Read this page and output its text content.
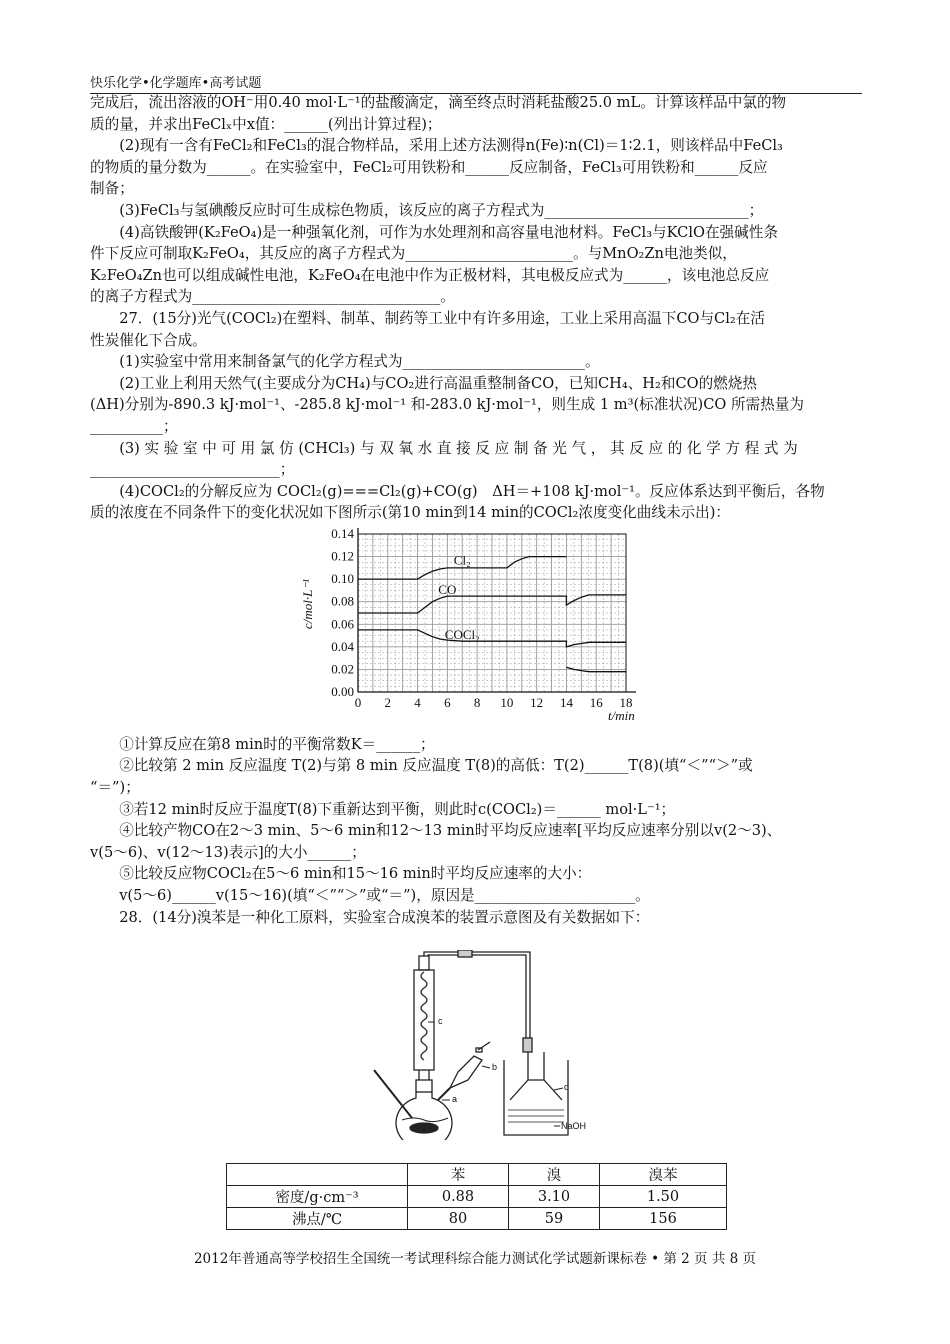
快乐化学•化学题库•高考试题

完成后，流出溶液的OH⁻用0.40 mol·L⁻¹的盐酸滴定，滴至终点时消耗盐酸25.0 mL。计算该样品中氯的物

质的量，并求出FeClₓ中x值：______(列出计算过程)；

(2)现有一含有FeCl₂和FeCl₃的混合物样品，采用上述方法测得n(Fe)∶n(Cl)＝1∶2.1，则该样品中FeCl₃

的物质的量分数为______。在实验室中，FeCl₂可用铁粉和______反应制备，FeCl₃可用铁粉和______反应

制备；

(3)FeCl₃与氢碘酸反应时可生成棕色物质，该反应的离子方程式为____________________________；

(4)高铁酸钾(K₂FeO₄)是一种强氧化剂，可作为水处理剂和高容量电池材料。FeCl₃与KClO在强碱性条

件下反应可制取K₂FeO₄，其反应的离子方程式为_______________________。与MnO₂Zn电池类似，

K₂FeO₄Zn也可以组成碱性电池，K₂FeO₄在电池中作为正极材料，其电极反应式为______，该电池总反应

的离子方程式为__________________________________。

27．(15分)光气(COCl₂)在塑料、制革、制药等工业中有许多用途，工业上采用高温下CO与Cl₂在活

性炭催化下合成。

(1)实验室中常用来制备氯气的化学方程式为_________________________。

(2)工业上利用天然气(主要成分为CH₄)与CO₂进行高温重整制备CO，已知CH₄、H₂和CO的燃烧热

(ΔH)分别为-890.3 kJ·mol⁻¹、-285.8 kJ·mol⁻¹ 和-283.0 kJ·mol⁻¹，则生成 1 m³(标准状况)CO 所需热量为

__________；

(3) 实 验 室 中 可 用 氯 仿 (CHCl₃) 与 双 氧 水 直 接 反 应 制 备 光 气 ， 其 反 应 的 化 学 方 程 式 为

__________________________；

(4)COCl₂的分解反应为 COCl₂(g)===Cl₂(g)+CO(g)　ΔH＝+108 kJ·mol⁻¹。反应体系达到平衡后，各物

质的浓度在不同条件下的变化状况如下图所示(第10 min到14 min的COCl₂浓度变化曲线未示出)：

①计算反应在第8 min时的平衡常数K＝______；

②比较第 2 min 反应温度 T(2)与第 8 min 反应温度 T(8)的高低：T(2)______T(8)(填“＜”“＞”或

“＝”)；

③若12 min时反应于温度T(8)下重新达到平衡，则此时c(COCl₂)＝______ mol·L⁻¹；

④比较产物CO在2～3 min、5～6 min和12～13 min时平均反应速率[平均反应速率分别以v(2～3)、

v(5～6)、v(12～13)表示]的大小______；

⑤比较反应物COCl₂在5～6 min和15～16 min时平均反应速率的大小：

v(5～6)______v(15～16)(填“＜”“＞”或“＝”)，原因是______________________。

28．(14分)溴苯是一种化工原料，实验室合成溴苯的装置示意图及有关数据如下：

0 2 4 6 8 10 12 14 16 18
0.00
0.02
0.04
0.06
0.08
0.10
0.12
0.14
t/min
c/mol·L⁻¹
Cl₂
CO
COCl₂
c
b
a
d
NaOH
	苯	溴	溴苯
密度/g·cm⁻³	0.88	3.10	1.50
沸点/℃	80	59	156
2012年普通高等学校招生全国统一考试理科综合能力测试化学试题新课标卷 • 第 2 页 共 8 页
